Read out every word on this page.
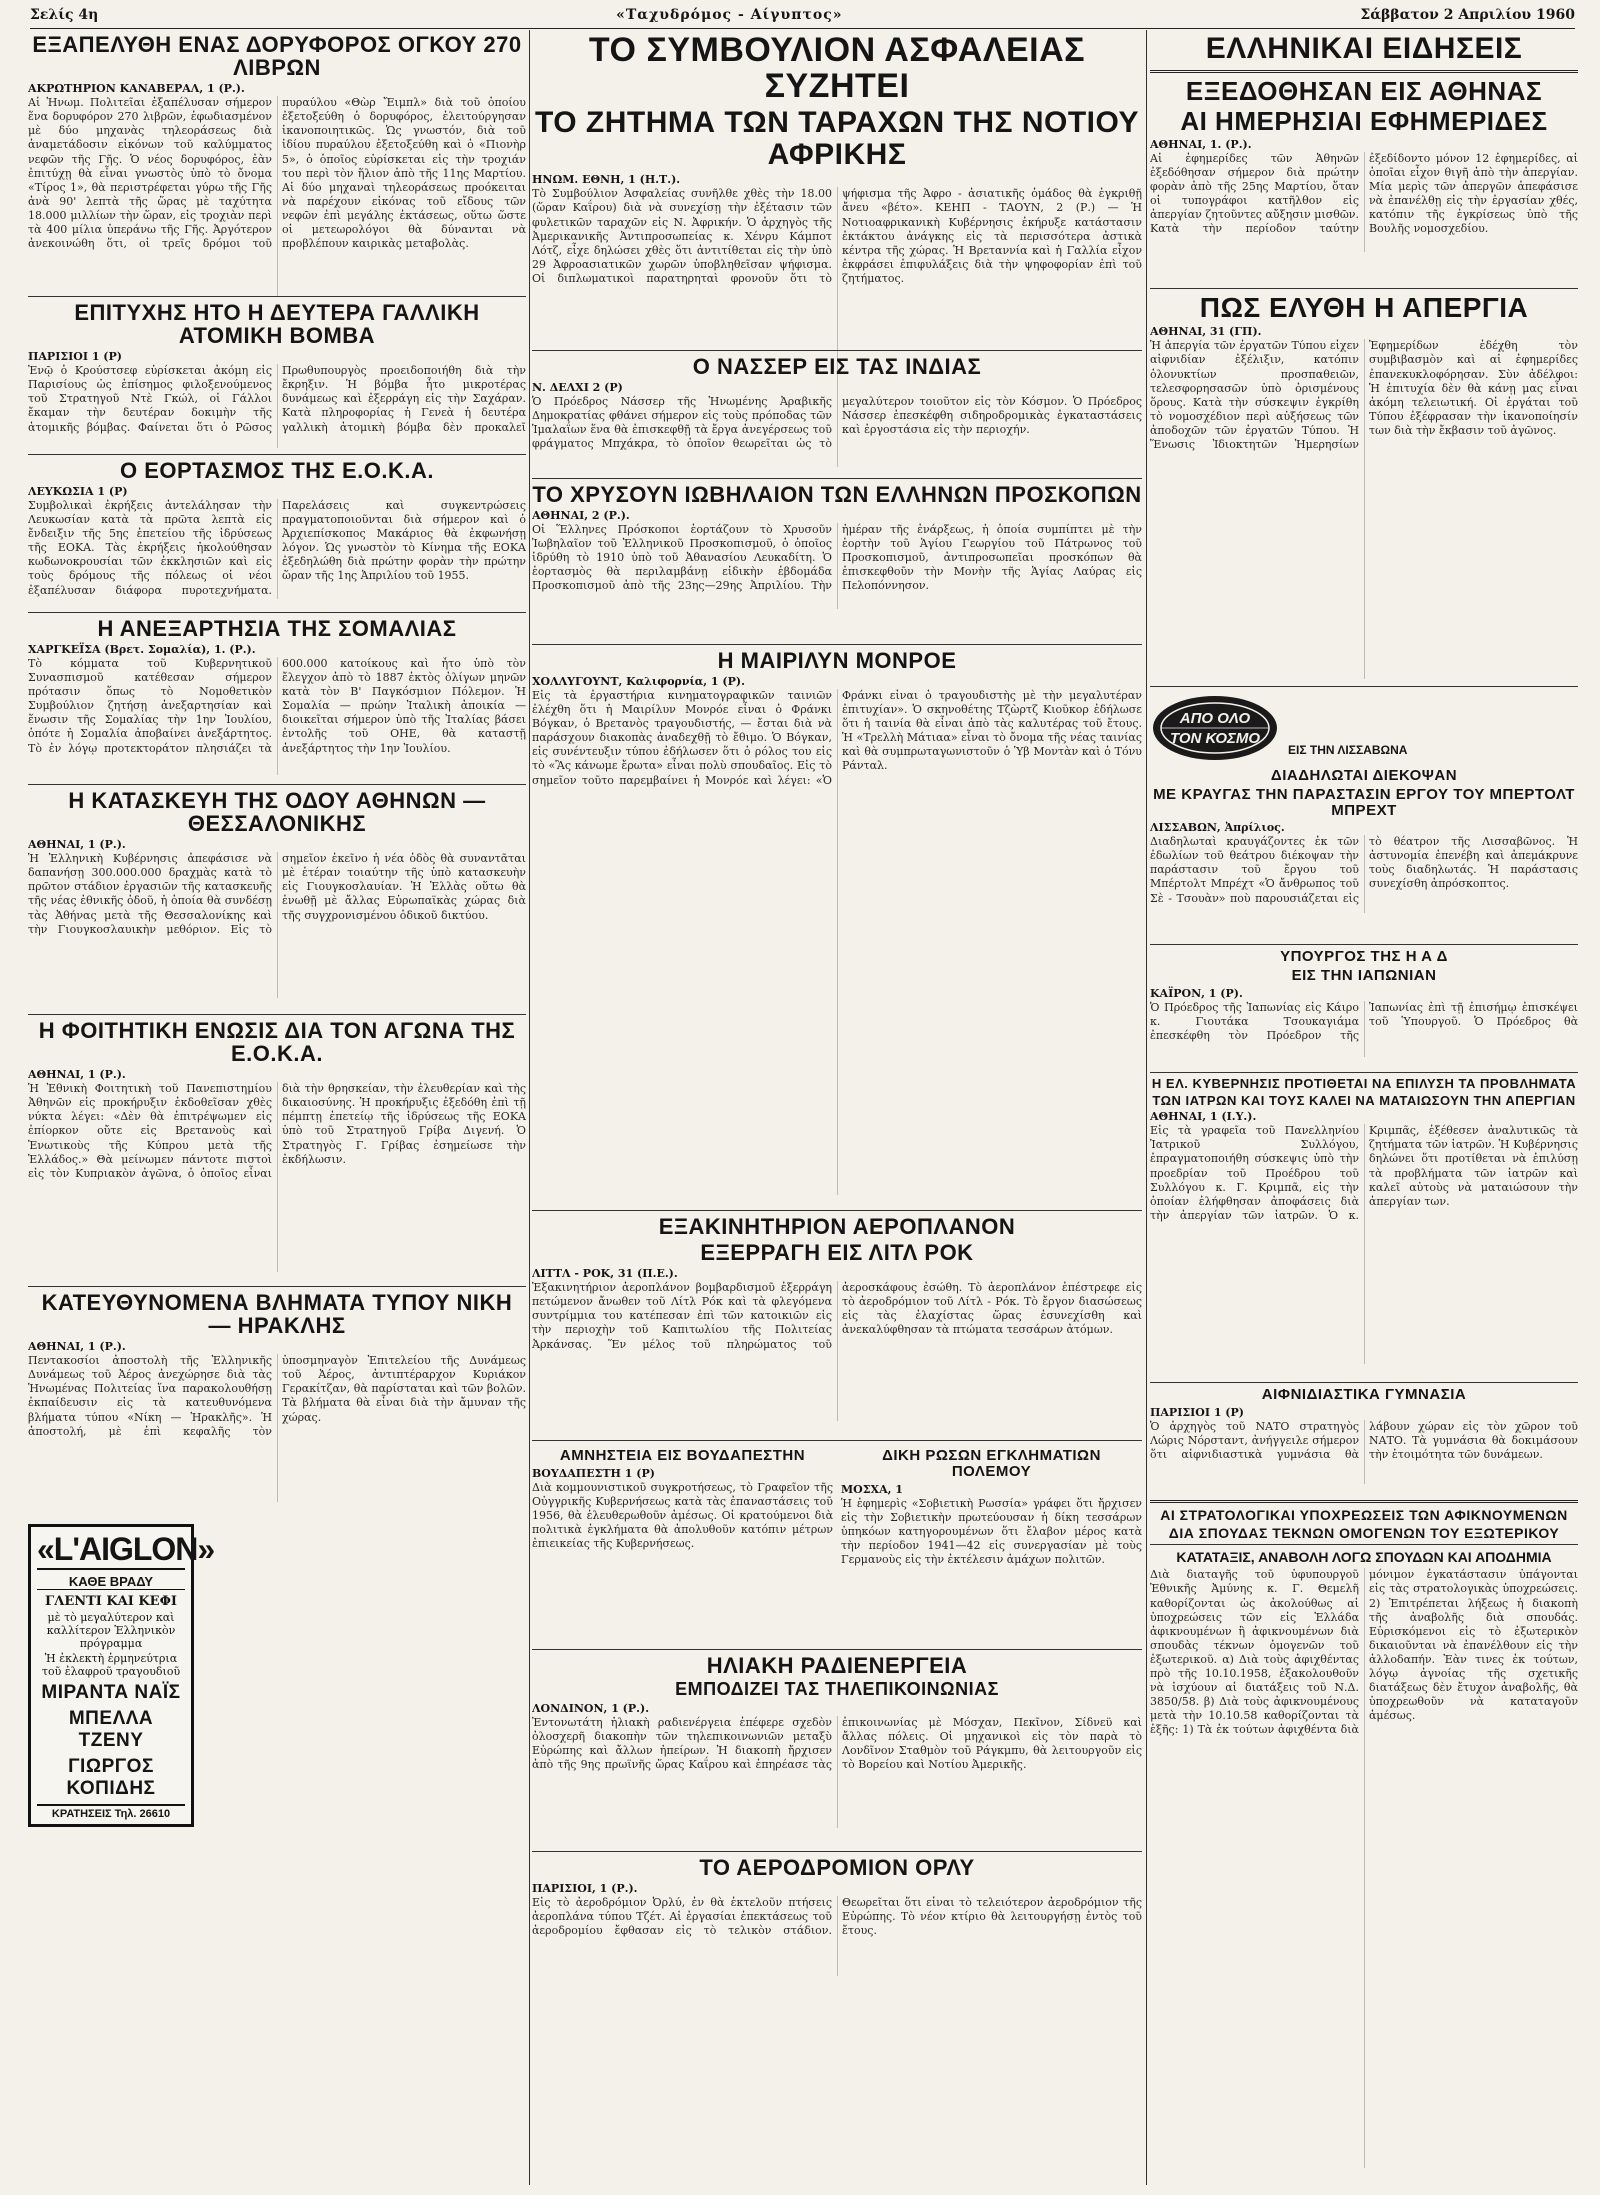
Σελίς 4η	«Ταχυδρόμος - Αίγυπτος»	Σάββατον 2 Απριλίου 1960
ΕΞΑΠΕΛΥΘΗ ΕΝΑΣ ΔΟΡΥΦΟΡΟΣ ΟΓΚΟΥ 270 ΛΙΒΡΩΝ
ΑΚΡΩΤΗΡΙΟΝ ΚΑΝΑΒΕΡΑΛ, 1 (Ρ.).
Αἱ Ἡνωμ. Πολιτεῖαι ἐξαπέλυσαν σήμερον ἕνα δορυφόρον 270 λιβρῶν, ἐφωδιασμένον μὲ δύο μηχανὰς τηλεοράσεως διὰ ἀναμετάδοσιν εἰκόνων τοῦ καλύμματος νεφῶν τῆς Γῆς. Ὁ νέος δορυφόρος, ἐὰν ἐπιτύχῃ θὰ εἶναι γνωστὸς ὑπὸ τὸ ὄνομα «Τίρος 1», θὰ περιστρέφεται γύρω τῆς Γῆς ἀνὰ 90' λεπτὰ τῆς ὥρας μὲ ταχύτητα 18.000 μιλλίων τὴν ὥραν, εἰς τροχιὰν περὶ τὰ 400 μίλια ὑπεράνω τῆς Γῆς. Ἀργότερον ἀνεκοινώθη ὅτι, οἱ τρεῖς δρόμοι τοῦ πυραύλου «Θὼρ Ἔιμπλ» διὰ τοῦ ὁποίου ἐξετοξεύθη ὁ δορυφόρος, ἐλειτούργησαν ἱκανοποιητικῶς. Ὡς γνωστόν, διὰ τοῦ ἰδίου πυραύλου ἐξετοξεύθη καὶ ὁ «Πιονὴρ 5», ὁ ὁποῖος εὑρίσκεται εἰς τὴν τροχιάν του περὶ τὸν ἥλιον ἀπὸ τῆς 11ης Μαρτίου. Αἱ δύο μηχαναὶ τηλεοράσεως προόκειται νὰ παρέχουν εἰκόνας τοῦ εἴδους τῶν νεφῶν ἐπὶ μεγάλης ἐκτάσεως, οὕτω ὥστε οἱ μετεωρολόγοι θὰ δύνανται νὰ προβλέπουν καιρικὰς μεταβολὰς.
ΕΠΙΤΥΧΗΣ ΗΤΟ Η ΔΕΥΤΕΡΑ ΓΑΛΛΙΚΗ ΑΤΟΜΙΚΗ ΒΟΜΒΑ
ΠΑΡΙΣΙΟΙ 1 (Ρ)
Ἐνῷ ὁ Κρούστσεφ εὑρίσκεται ἀκόμη εἰς Παρισίους ὡς ἐπίσημος φιλοξενούμενος τοῦ Στρατηγοῦ Ντὲ Γκώλ, οἱ Γάλλοι ἔκαμαν τὴν δευτέραν δοκιμὴν τῆς ἀτομικῆς βόμβας. Φαίνεται ὅτι ὁ Ρῶσος Πρωθυπουργὸς προειδοποιήθη διὰ τὴν ἔκρηξιν. Ἡ βόμβα ἦτο μικροτέρας δυνάμεως καὶ ἐξερράγη εἰς τὴν Σαχάραν. Κατὰ πληροφορίας ἡ Γενεὰ ἡ δευτέρα γαλλικὴ ἀτομικὴ βόμβα δὲν προκαλεῖ
Ο ΕΟΡΤΑΣΜΟΣ ΤΗΣ Ε.Ο.Κ.Α.
ΛΕΥΚΩΣΙΑ 1 (Ρ)
Συμβολικαὶ ἐκρήξεις ἀντελάλησαν τὴν Λευκωσίαν κατὰ τὰ πρῶτα λεπτὰ εἰς ἔνδειξιν τῆς 5ης ἐπετείου τῆς ἱδρύσεως τῆς ΕΟΚΑ. Τὰς ἐκρήξεις ἠκολούθησαν κωδωνοκρουσίαι τῶν ἐκκλησιῶν καὶ εἰς τοὺς δρόμους τῆς πόλεως οἱ νέοι ἐξαπέλυσαν διάφορα πυροτεχνήματα. Παρελάσεις καὶ συγκεντρώσεις πραγματοποιοῦνται διὰ σήμερον καὶ ὁ Ἀρχιεπίσκοπος Μακάριος θὰ ἐκφωνήσῃ λόγον. Ὡς γνωστὸν τὸ Κίνημα τῆς ΕΟΚΑ ἐξεδηλώθη διὰ πρώτην φορὰν τὴν πρώτην ὥραν τῆς 1ης Ἀπριλίου τοῦ 1955.
Η ΑΝΕΞΑΡΤΗΣΙΑ ΤΗΣ ΣΟΜΑΛΙΑΣ
ΧΑΡΓΚΕΪΣΑ (Βρετ. Σομαλία), 1. (Ρ.).
Τὸ κόμματα τοῦ Κυβερνητικοῦ Συνασπισμοῦ κατέθεσαν σήμερον πρότασιν ὅπως τὸ Νομοθετικὸν Συμβούλιον ζητήσῃ ἀνεξαρτησίαν καὶ ἕνωσιν τῆς Σομαλίας τὴν 1ην Ἰουλίου, ὁπότε ἡ Σομαλία ἀποβαίνει ἀνεξάρτητος. Τὸ ἐν λόγῳ προτεκτοράτον πλησιάζει τὰ 600.000 κατοίκους καὶ ἦτο ὑπὸ τὸν ἔλεγχον ἀπὸ τὸ 1887 ἐκτὸς ὀλίγων μηνῶν κατὰ τὸν Β' Παγκόσμιον Πόλεμον. Ἡ Σομαλία — πρώην Ἰταλικὴ ἀποικία — διοικεῖται σήμερον ὑπὸ τῆς Ἰταλίας βάσει ἐντολῆς τοῦ ΟΗΕ, θὰ καταστῇ ἀνεξάρτητος τὴν 1ην Ἰουλίου.
Η ΚΑΤΑΣΚΕΥΗ ΤΗΣ ΟΔΟΥ ΑΘΗΝΩΝ — ΘΕΣΣΑΛΟΝΙΚΗΣ
ΑΘΗΝΑΙ, 1 (Ρ.).
Ἡ Ἑλληνικὴ Κυβέρνησις ἀπεφάσισε νὰ δαπανήσῃ 300.000.000 δραχμὰς κατὰ τὸ πρῶτον στάδιον ἐργασιῶν τῆς κατασκευῆς τῆς νέας ἐθνικῆς ὁδοῦ, ἡ ὁποία θὰ συνδέσῃ τὰς Ἀθήνας μετὰ τῆς Θεσσαλονίκης καὶ τὴν Γιουγκοσλαυικὴν μεθόριον. Εἰς τὸ σημεῖον ἐκεῖνο ἡ νέα ὁδὸς θὰ συναντᾶται μὲ ἑτέραν τοιαύτην τῆς ὑπὸ κατασκευὴν εἰς Γιουγκοσλαυίαν. Ἡ Ἑλλὰς οὕτω θὰ ἑνωθῇ μὲ ἄλλας Εὐρωπαϊκὰς χώρας διὰ τῆς συγχρονισμένου ὁδικοῦ δικτύου.
Η ΦΟΙΤΗΤΙΚΗ ΕΝΩΣΙΣ ΔΙΑ ΤΟΝ ΑΓΩΝΑ ΤΗΣ Ε.Ο.Κ.Α.
ΑΘΗΝΑΙ, 1 (Ρ.).
Ἡ Ἐθνικὴ Φοιτητικὴ τοῦ Πανεπιστημίου Ἀθηνῶν εἰς προκήρυξιν ἐκδοθεῖσαν χθὲς νύκτα λέγει: «Δὲν θὰ ἐπιτρέψωμεν εἰς ἐπίορκον οὔτε εἰς Βρετανοὺς καὶ Ἐνωτικοὺς τῆς Κύπρου μετὰ τῆς Ἑλλάδος.» Θὰ μείνωμεν πάντοτε πιστοὶ εἰς τὸν Κυπριακὸν ἀγῶνα, ὁ ὁποῖος εἶναι διὰ τὴν θρησκείαν, τὴν ἐλευθερίαν καὶ τὴς δικαιοσύνης. Ἡ προκήρυξις ἐξεδόθη ἐπὶ τῇ πέμπτῃ ἐπετείῳ τῆς ἱδρύσεως τῆς ΕΟΚΑ ὑπὸ τοῦ Στρατηγοῦ Γρίβα Διγενή. Ὁ Στρατηγὸς Γ. Γρίβας ἐσημείωσε τὴν ἐκδήλωσιν.
ΚΑΤΕΥΘΥΝΟΜΕΝΑ ΒΛΗΜΑΤΑ ΤΥΠΟΥ ΝΙΚΗ — ΗΡΑΚΛΗΣ
ΑΘΗΝΑΙ, 1 (Ρ.).
Πεντακοσίοι ἀποστολὴ τῆς Ἑλληνικῆς Δυνάμεως τοῦ Ἀέρος ἀνεχώρησε διὰ τὰς Ἡνωμένας Πολιτείας ἵνα παρακολουθήσῃ ἐκπαίδευσιν εἰς τὰ κατευθυνόμενα βλήματα τύπου «Νίκη — Ἡρακλῆς». Ἡ ἀποστολή, μὲ ἐπὶ κεφαλῆς τὸν ὑποσμηναγὸν Ἐπιτελείου τῆς Δυνάμεως τοῦ Ἀέρος, ἀντιπτέραρχον Κυριάκον Γερακίτζαν, θὰ παρίσταται καὶ τῶν βολῶν. Τὰ βλήματα θὰ εἶναι διὰ τὴν ἄμυναν τῆς χώρας.
«L'AIGLON»
ΚΑΘΕ ΒΡΑΔΥ
ΓΛΕΝΤΙ ΚΑΙ ΚΕΦΙ
μὲ τὸ μεγαλύτερον καὶ καλλίτερον Ἑλληνικὸν πρόγραμμα
Ἡ ἐκλεκτὴ ἑρμηνεύτρια τοῦ ἐλαφροῦ τραγουδιοῦ
ΜΙΡΑΝΤΑ ΝΑΪΣ
ΜΠΕΛΛΑ ΤΖΕΝΥ
ΓΙΩΡΓΟΣ ΚΟΠΙΔΗΣ
ΚΡΑΤΗΣΕΙΣ Τηλ. 26610
ΤΟ ΣΥΜΒΟΥΛΙΟΝ ΑΣΦΑΛΕΙΑΣ ΣΥΖΗΤΕΙ
ΤΟ ΖΗΤΗΜΑ ΤΩΝ ΤΑΡΑΧΩΝ ΤΗΣ ΝΟΤΙΟΥ ΑΦΡΙΚΗΣ
ΗΝΩΜ. ΕΘΝΗ, 1 (Η.Τ.).
Τὸ Συμβούλιον Ἀσφαλείας συνῆλθε χθὲς τὴν 18.00 (ὥραν Καΐρου) διὰ νὰ συνεχίσῃ τὴν ἐξέτασιν τῶν φυλετικῶν ταραχῶν εἰς Ν. Ἀφρικήν. Ὁ ἀρχηγὸς τῆς Ἀμερικανικῆς Ἀντιπροσωπείας κ. Χένρυ Κάμποτ Λότζ, εἶχε δηλώσει χθὲς ὅτι ἀντιτίθεται εἰς τὴν ὑπὸ 29 Ἀφροασιατικῶν χωρῶν ὑποβληθεῖσαν ψήφισμα. Οἱ διπλωματικοὶ παρατηρηταὶ φρονοῦν ὅτι τὸ ψήφισμα τῆς Ἀφρο - ἀσιατικῆς ὁμάδος θὰ ἐγκριθῇ ἄνευ «βέτο». ΚΕΗΠ - ΤΑΟΥΝ, 2 (Ρ.) — Ἡ Νοτιοαφρικανικὴ Κυβέρνησις ἐκήρυξε κατάστασιν ἐκτάκτου ἀνάγκης εἰς τὰ περισσότερα ἀστικὰ κέντρα τῆς χώρας. Ἡ Βρεταννία καὶ ἡ Γαλλία εἶχον ἐκφράσει ἐπιφυλάξεις διὰ τὴν ψηφοφορίαν ἐπὶ τοῦ ζητήματος.
Ο ΝΑΣΣΕΡ ΕΙΣ ΤΑΣ ΙΝΔΙΑΣ
Ν. ΔΕΛΧΙ 2 (Ρ)
Ὁ Πρόεδρος Νάσσερ τῆς Ἡνωμένης Ἀραβικῆς Δημοκρατίας φθάνει σήμερον εἰς τοὺς πρόποδας τῶν Ἱμαλαΐων ἕνα θὰ ἐπισκεφθῇ τὰ ἔργα ἀνεγέρσεως τοῦ φράγματος Μπχάκρα, τὸ ὁποῖον θεωρεῖται ὡς τὸ μεγαλύτερον τοιοῦτον εἰς τὸν Κόσμον. Ὁ Πρόεδρος Νάσσερ ἐπεσκέφθη σιδηροδρομικὰς ἐγκαταστάσεις καὶ ἐργοστάσια εἰς τὴν περιοχήν.
ΤΟ ΧΡΥΣΟΥΝ ΙΩΒΗΛΑΙΟΝ ΤΩΝ ΕΛΛΗΝΩΝ ΠΡΟΣΚΟΠΩΝ
ΑΘΗΝΑΙ, 2 (Ρ.).
Οἱ Ἕλληνες Πρόσκοποι ἑορτάζουν τὸ Χρυσοῦν Ἰωβηλαῖον τοῦ Ἑλληνικοῦ Προσκοπισμοῦ, ὁ ὁποῖος ἱδρύθη τὸ 1910 ὑπὸ τοῦ Ἀθανασίου Λευκαδίτη. Ὁ ἑορτασμὸς θὰ περιλαμβάνῃ εἰδικὴν ἑβδομάδα Προσκοπισμοῦ ἀπὸ τῆς 23ης—29ης Ἀπριλίου. Τὴν ἡμέραν τῆς ἐνάρξεως, ἡ ὁποία συμπίπτει μὲ τὴν ἑορτὴν τοῦ Ἁγίου Γεωργίου τοῦ Πάτρωνος τοῦ Προσκοπισμοῦ, ἀντιπροσωπεῖαι προσκόπων θὰ ἐπισκεφθοῦν τὴν Μονὴν τῆς Ἁγίας Λαύρας εἰς Πελοπόννησον.
Η ΜΑΙΡΙΛΥΝ ΜΟΝΡΟΕ
ΧΟΛΛΥΓΟΥΝΤ, Καλιφορνία, 1 (Ρ).
Εἰς τὰ ἐργαστήρια κινηματογραφικῶν ταινιῶν ἐλέχθη ὅτι ἡ Μαιρίλυν Μονρόε εἶναι ὁ Φράνκι Βόγκαν, ὁ Βρετανὸς τραγουδιστής, — ἔσται διὰ νὰ παράσχουν διακοπὰς ἀναδεχθῇ τὸ ἔθιμο. Ὁ Βόγκαν, εἰς συνέντευξιν τύπου ἐδήλωσεν ὅτι ὁ ρόλος του εἰς τὸ «Ἂς κάνωμε ἔρωτα» εἶναι πολὺ σπουδαῖος. Εἰς τὸ σημεῖον τοῦτο παρεμβαίνει ἡ Μονρόε καὶ λέγει: «Ὁ Φράνκι εἶναι ὁ τραγουδιστὴς μὲ τὴν μεγαλυτέραν ἐπιτυχίαν». Ὁ σκηνοθέτης Τζὼρτζ Κιοῦκορ ἐδήλωσε ὅτι ἡ ταινία θὰ εἶναι ἀπὸ τὰς καλυτέρας τοῦ ἔτους. Ἡ «Τρελλὴ Μάτιαα» εἶναι τὸ ὄνομα τῆς νέας ταινίας καὶ θὰ συμπρωταγωνιστοῦν ὁ Ὑβ Μοντὰν καὶ ὁ Τόνυ Ράνταλ.
ΕΞΑΚΙΝΗΤΗΡΙΟΝ ΑΕΡΟΠΛΑΝΟΝ
ΕΞΕΡΡΑΓΗ ΕΙΣ ΛΙΤΛ ΡΟΚ
ΛΙΤΤΛ - ΡΟΚ, 31 (Π.Ε.).
Ἐξακινητήριον ἀεροπλάνον βομβαρδισμοῦ ἐξερράγη πετώμενον ἄνωθεν τοῦ Λίτλ Ρόκ καὶ τὰ φλεγόμενα συντρίμμια του κατέπεσαν ἐπὶ τῶν κατοικιῶν εἰς τὴν περιοχὴν τοῦ Καπιτωλίου τῆς Πολιτείας Ἀρκάνσας. Ἕν μέλος τοῦ πληρώματος τοῦ ἀεροσκάφους ἐσώθη. Τὸ ἀεροπλάνον ἐπέστρεφε εἰς τὸ ἀεροδρόμιον τοῦ Λίτλ - Ρόκ. Τὸ ἔργον διασώσεως εἰς τὰς ἐλαχίστας ὥρας ἐσυνεχίσθη καὶ ἀνεκαλύφθησαν τὰ πτώματα τεσσάρων ἀτόμων.
ΑΜΝΗΣΤΕΙΑ ΕΙΣ ΒΟΥΔΑΠΕΣΤΗΝ
ΒΟΥΔΑΠΕΣΤΗ 1 (Ρ)
Διὰ κομμουνιστικοῦ συγκροτήσεως, τὸ Γραφεῖον τῆς Οὐγγρικῆς Κυβερνήσεως κατὰ τὰς ἐπαναστάσεις τοῦ 1956, θὰ ἐλευθερωθοῦν ἀμέσως. Οἱ κρατούμενοι διὰ πολιτικὰ ἐγκλήματα θὰ ἀπολυθοῦν κατόπιν μέτρων ἐπιεικείας τῆς Κυβερνήσεως.
ΔΙΚΗ ΡΩΣΩΝ ΕΓΚΛΗΜΑΤΙΩΝ ΠΟΛΕΜΟΥ
ΜΟΣΧΑ, 1
Ἡ ἐφημερὶς «Σοβιετικὴ Ρωσσία» γράφει ὅτι ἤρχισεν εἰς τὴν Σοβιετικὴν πρωτεύουσαν ἡ δίκη τεσσάρων ὑπηκόων κατηγορουμένων ὅτι ἔλαβον μέρος κατὰ τὴν περίοδον 1941—42 εἰς συνεργασίαν μὲ τοὺς Γερμανοὺς εἰς τὴν ἐκτέλεσιν ἀμάχων πολιτῶν.
ΗΛΙΑΚΗ ΡΑΔΙΕΝΕΡΓΕΙΑ
ΕΜΠΟΔΙΖΕΙ ΤΑΣ ΤΗΛΕΠΙΚΟΙΝΩΝΙΑΣ
ΛΟΝΔΙΝΟΝ, 1 (Ρ.).
Ἐντονωτάτη ἡλιακὴ ραδιενέργεια ἐπέφερε σχεδὸν ὁλοσχερῆ διακοπὴν τῶν τηλεπικοινωνιῶν μεταξὺ Εὐρώπης καὶ ἄλλων ἠπείρων. Ἡ διακοπὴ ἤρχισεν ἀπὸ τῆς 9ης πρωϊνῆς ὥρας Καΐρου καὶ ἐπηρέασε τὰς ἐπικοινωνίας μὲ Μόσχαν, Πεκῖνον, Σίδνεϋ καὶ ἄλλας πόλεις. Οἱ μηχανικοὶ εἰς τὸν παρὰ τὸ Λονδῖνον Σταθμὸν τοῦ Ράγκμπυ, θὰ λειτουργοῦν εἰς τὸ Βορείου καὶ Νοτίου Ἀμερικῆς.
ΤΟ ΑΕΡΟΔΡΟΜΙΟΝ ΟΡΛΥ
ΠΑΡΙΣΙΟΙ, 1 (Ρ.).
Εἰς τὸ ἀεροδρόμιον Ὀρλύ, ἐν θὰ ἐκτελοῦν πτήσεις ἀεροπλάνα τύπου Τζέτ. Αἱ ἐργασίαι ἐπεκτάσεως τοῦ ἀεροδρομίου ἔφθασαν εἰς τὸ τελικὸν στάδιον. Θεωρεῖται ὅτι εἶναι τὸ τελειότερον ἀεροδρόμιον τῆς Εὐρώπης. Τὸ νέον κτίριο θὰ λειτουργήσῃ ἐντὸς τοῦ ἔτους.
ΕΛΛΗΝΙΚΑΙ ΕΙΔΗΣΕΙΣ
ΕΞΕΔΟΘΗΣΑΝ ΕΙΣ ΑΘΗΝΑΣ
ΑΙ ΗΜΕΡΗΣΙΑΙ ΕΦΗΜΕΡΙΔΕΣ
ΑΘΗΝΑΙ, 1. (Ρ.).
Αἱ ἐφημερίδες τῶν Ἀθηνῶν ἐξεδόθησαν σήμερον διὰ πρώτην φορὰν ἀπὸ τῆς 25ης Μαρτίου, ὅταν οἱ τυπογράφοι κατῆλθον εἰς ἀπεργίαν ζητοῦντες αὔξησιν μισθῶν. Κατὰ τὴν περίοδον ταύτην ἐξεδίδοντο μόνον 12 ἐφημερίδες, αἱ ὁποῖαι εἶχον θιγῆ ἀπὸ τὴν ἀπεργίαν. Μία μερὶς τῶν ἀπεργῶν ἀπεφάσισε νὰ ἐπανέλθῃ εἰς τὴν ἐργασίαν χθές, κατόπιν τῆς ἐγκρίσεως ὑπὸ τῆς Βουλῆς νομοσχεδίου.
ΠΩΣ ΕΛΥΘΗ Η ΑΠΕΡΓΙΑ
ΑΘΗΝΑΙ, 31 (ΓΠ).
Ἡ ἀπεργία τῶν ἐργατῶν Τύπου εἶχεν αἰφνιδίαν ἐξέλιξιν, κατόπιν ὁλονυκτίων προσπαθειῶν, τελεσφορησασῶν ὑπὸ ὁρισμένους ὅρους. Κατὰ τὴν σύσκεψιν ἐγκρίθη τὸ νομοσχέδιον περὶ αὐξήσεως τῶν ἀποδοχῶν τῶν ἐργατῶν Τύπου. Ἡ Ἕνωσις Ἰδιοκτητῶν Ἡμερησίων Ἐφημερίδων ἐδέχθη τὸν συμβιβασμὸν καὶ αἱ ἐφημερίδες ἐπανεκυκλοφόρησαν. Σὺν ἀδέλφοι: Ἡ ἐπιτυχία δὲν θὰ κάνῃ μας εἶναι ἀκόμη τελειωτική. Οἱ ἐργάται τοῦ Τύπου ἐξέφρασαν τὴν ἱκανοποίησίν των διὰ τὴν ἔκβασιν τοῦ ἀγῶνος.
ΑΠΟ ΟΛΟ
ΤΟΝ ΚΟΣΜΟ
ΕΙΣ ΤΗΝ ΛΙΣΣΑΒΩΝΑ
ΔΙΑΔΗΛΩΤΑΙ ΔΙΕΚΟΨΑΝ
ΜΕ ΚΡΑΥΓΑΣ ΤΗΝ ΠΑΡΑΣΤΑΣΙΝ ΕΡΓΟΥ ΤΟΥ ΜΠΕΡΤΟΛΤ ΜΠΡΕΧΤ
ΛΙΣΣΑΒΩΝ, Ἀπρίλιος.
Διαδηλωταὶ κραυγάζοντες ἐκ τῶν ἐδωλίων τοῦ θεάτρου διέκοψαν τὴν παράστασιν τοῦ ἔργου τοῦ Μπέρτολτ Μπρέχτ «Ὁ ἄνθρωπος τοῦ Σὲ - Τσουὰν» ποὺ παρουσιάζεται εἰς τὸ θέατρον τῆς Λισσαβῶνος. Ἡ ἀστυνομία ἐπενέβη καὶ ἀπεμάκρυνε τοὺς διαδηλωτάς. Ἡ παράστασις συνεχίσθη ἀπρόσκοπτος.
ΥΠΟΥΡΓΟΣ ΤΗΣ Η Α Δ
ΕΙΣ ΤΗΝ ΙΑΠΩΝΙΑΝ
ΚΑΪΡΟΝ, 1 (Ρ).
Ὁ Πρόεδρος τῆς Ἰαπωνίας εἰς Κάιρο κ. Γιουτάκα Τσουκαγιάμα ἐπεσκέφθη τὸν Πρόεδρον τῆς Ἰαπωνίας ἐπὶ τῇ ἐπισήμῳ ἐπισκέψει τοῦ Ὑπουργοῦ. Ὁ Πρόεδρος θὰ
Η ΕΛ. ΚΥΒΕΡΝΗΣΙΣ ΠΡΟΤΙΘΕΤΑΙ ΝΑ ΕΠΙΛΥΣΗ ΤΑ ΠΡΟΒΛΗΜΑΤΑ
ΤΩΝ ΙΑΤΡΩΝ ΚΑΙ ΤΟΥΣ ΚΑΛΕΙ ΝΑ ΜΑΤΑΙΩΣΟΥΝ ΤΗΝ ΑΠΕΡΓΙΑΝ
ΑΘΗΝΑΙ, 1 (Ι.Υ.).
Εἰς τὰ γραφεῖα τοῦ Πανελληνίου Ἰατρικοῦ Συλλόγου, ἐπραγματοποιήθη σύσκεψις ὑπὸ τὴν προεδρίαν τοῦ Προέδρου τοῦ Συλλόγου κ. Γ. Κριμπᾶ, εἰς τὴν ὁποίαν ἐλήφθησαν ἀποφάσεις διὰ τὴν ἀπεργίαν τῶν ἰατρῶν. Ὁ κ. Κριμπᾶς, ἐξέθεσεν ἀναλυτικῶς τὰ ζητήματα τῶν ἰατρῶν. Ἡ Κυβέρνησις δηλώνει ὅτι προτίθεται νὰ ἐπιλύσῃ τὰ προβλήματα τῶν ἰατρῶν καὶ καλεῖ αὐτοὺς νὰ ματαιώσουν τὴν ἀπεργίαν των.
ΑΙΦΝΙΔΙΑΣΤΙΚΑ ΓΥΜΝΑΣΙΑ
ΠΑΡΙΣΙΟΙ 1 (Ρ)
Ὁ ἀρχηγὸς τοῦ ΝΑΤΟ στρατηγὸς Λώρις Νόρσταντ, ἀνήγγειλε σήμερον ὅτι αἰφνιδιαστικὰ γυμνάσια θὰ λάβουν χώραν εἰς τὸν χῶρον τοῦ ΝΑΤΟ. Τὰ γυμνάσια θὰ δοκιμάσουν τὴν ἑτοιμότητα τῶν δυνάμεων.
ΑΙ ΣΤΡΑΤΟΛΟΓΙΚΑΙ ΥΠΟΧΡΕΩΣΕΙΣ ΤΩΝ ΑΦΙΚΝΟΥΜΕΝΩΝ
ΔΙΑ ΣΠΟΥΔΑΣ ΤΕΚΝΩΝ ΟΜΟΓΕΝΩΝ ΤΟΥ ΕΞΩΤΕΡΙΚΟΥ
ΚΑΤΑΤΑΞΙΣ, ΑΝΑΒΟΛΗ ΛΟΓΩ ΣΠΟΥΔΩΝ ΚΑΙ ΑΠΟΔΗΜΙΑ
Διὰ διαταγῆς τοῦ ὑφυπουργοῦ Ἐθνικῆς Ἀμύνης κ. Γ. Θεμελῆ καθορίζονται ὡς ἀκολούθως αἱ ὑποχρεώσεις τῶν εἰς Ἑλλάδα ἀφικνουμένων ἢ ἀφικνουμένων διὰ σπουδὰς τέκνων ὁμογενῶν τοῦ ἐξωτερικοῦ. α) Διὰ τοὺς ἀφιχθέντας πρὸ τῆς 10.10.1958, ἐξακολουθοῦν νὰ ἰσχύουν αἱ διατάξεις τοῦ Ν.Δ. 3850/58. β) Διὰ τοὺς ἀφικνουμένους μετὰ τὴν 10.10.58 καθορίζονται τὰ ἑξῆς: 1) Τὰ ἐκ τούτων ἀφιχθέντα διὰ μόνιμον ἐγκατάστασιν ὑπάγονται εἰς τὰς στρατολογικὰς ὑποχρεώσεις. 2) Ἐπιτρέπεται λήξεως ἡ διακοπὴ τῆς ἀναβολῆς διὰ σπουδάς. Εὑρισκόμενοι εἰς τὸ ἐξωτερικὸν δικαιοῦνται νὰ ἐπανέλθουν εἰς τὴν ἀλλοδαπήν. Ἐὰν τινες ἐκ τούτων, λόγῳ ἀγνοίας τῆς σχετικῆς διατάξεως δὲν ἔτυχον ἀναβολῆς, θὰ ὑποχρεωθοῦν νὰ καταταγοῦν ἀμέσως.
